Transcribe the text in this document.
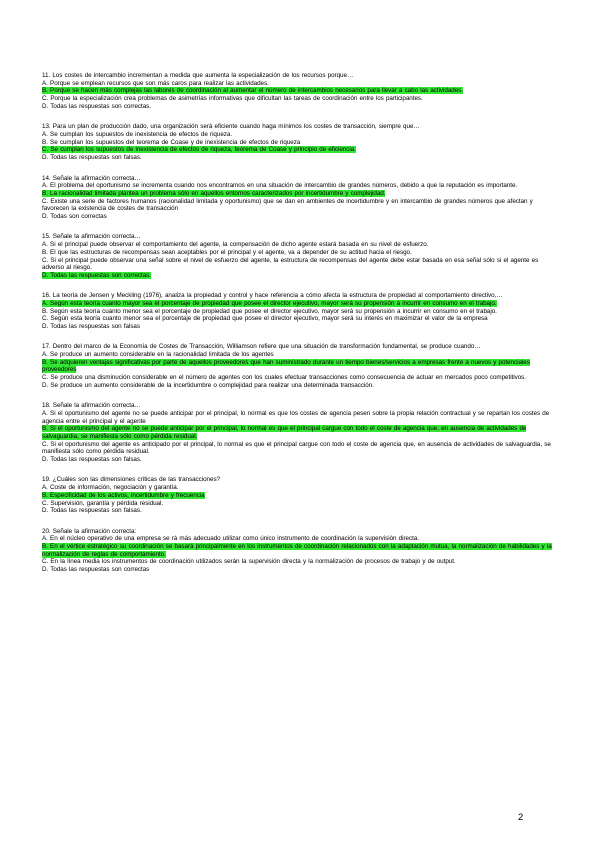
11. Los costes de intercambio incrementan a medida que aumenta la especialización de los recursos porque…
A. Porque se emplean recursos que son más caros para realizar las actividades.
B. Porque se hacen más complejas las labores de coordinación al aumentar el número de intercambios necesarios para llevar a cabo las actividades.
C. Porque la especialización crea problemas de asimetrías informativas que dificultan las tareas de coordinación entre los participantes.
D. Todas las respuestas son correctas.
13. Para un plan de producción dado, una organización será eficiente cuando haga mínimos los costes de transacción, siempre que…
A. Se cumplan los supuestos de inexistencia de efectos de riqueza.
B. Se cumplan los supuestos del teorema de Coase y de inexistencia de efectos de riqueza
C. Se cumplan los supuestos de inexistencia de efectos de riqueza, teorema de Coase y principio de eficiencia.
D. Todas las respuestas son falsas.
14. Señale la afirmación correcta…
A. El problema del oportunismo se incrementa cuando nos encontramos en una situación de intercambio de grandes números, debido a que la reputación es importante.
B. La racionalidad limitada plantea un problema sólo en aquellos entornos caracterizados por incertidumbre y complejidad.
C. Existe una serie de factores humanos (racionalidad limitada y oportunismo) que se dan en ambientes de incertidumbre y en intercambio de grandes números que afectan y favorecen la existencia de costes de transacción
D. Todas son correctas
15. Señale la afirmación correcta…
A. Si el principal puede observar el comportamiento del agente, la compensación de dicho agente estará basada en su nivel de esfuerzo.
B. El que las estructuras de recompensas sean aceptables por el principal y el agente, va a depender de su actitud hacia el riesgo.
C. Si el principal puede observar una señal sobre el nivel de esfuerzo del agente, la estructura de recompensas del agente debe estar basada en esa señal sólo si el agente es adverso al riesgo.
D. Todas las respuestas son correctas.
16. La teoría de Jensen y Meckling (1976), analiza la propiedad y control y hace referencia a cómo afecta la estructura de propiedad al comportamiento directivo,…
A. Según esta teoría cuanto mayor sea el porcentaje de propiedad que posee el director ejecutivo, mayor será su propensión a incurrir en consumo en el trabajo.
B. Según esta teoría cuanto menor sea el porcentaje de propiedad que posee el director ejecutivo, mayor será su propensión a incurrir en consumo en el trabajo.
C. Según esta teoría cuanto menor sea el porcentaje de propiedad que posee el director ejecutivo, mayor será su interés en maximizar el valor de la empresa
D. Todas las respuestas son falsas
17. Dentro del marco de la Economía de Costes de Transacción, Williamson refiere que una situación de transformación fundamental, se produce cuando…
A. Se produce un aumento considerable en la racionalidad limitada de los agentes
B. Se adquieren ventajas significativas por parte de aquellos proveedores que han suministrado durante un tiempo bienes/servicios a empresas frente a nuevos y potenciales proveedores
C. Se produce una disminución considerable en el número de agentes con los cuales efectuar transacciones como consecuencia de actuar en mercados poco competitivos.
D. Se produce un aumento considerable de la incertidumbre o complejidad para realizar una determinada transacción.
18. Señale la afirmación correcta…
A. Si el oportunismo del agente no se puede anticipar por el principal, lo normal es que los costes de agencia pesen sobre la propia relación contractual y se repartan los costes de agencia entre el principal y el agente
B. Si el oportunismo del agente no se puede anticipar por el principal, lo normal es que el principal cargue con todo el coste de agencia que, en ausencia de actividades de salvaguardia, se manifiesta sólo como pérdida residual.
C. Si el oportunismo del agente es anticipado por el principal, lo normal es que el principal cargue con todo el coste de agencia que, en ausencia de actividades de salvaguardia, se manifiesta sólo como pérdida residual.
D. Todas las respuestas son falsas.
19. ¿Cuáles son las dimensiones críticas de las transacciones?
A. Coste de información, negociación y garantía.
B. Especificidad de los activos, incertidumbre y frecuencia
C. Supervisión, garantía y pérdida residual.
D. Todas las respuestas son falsas.
20. Señale la afirmación correcta:
A. En el núcleo operativo de una empresa se rá más adecuado utilizar como único instrumento de coordinación la supervisión directa.
B. En el vértice estratégico su coordinación se basará principalmente en los instrumentos de coordinación relacionados con la adaptación mutua, la normalización de habilidades y la normalización de reglas de comportamiento.
C. En la línea media los instrumentos de coordinación utilizados serán la supervisión directa y la normalización de procesos de trabajo y de output.
D. Todas las respuestas son correctas
2
